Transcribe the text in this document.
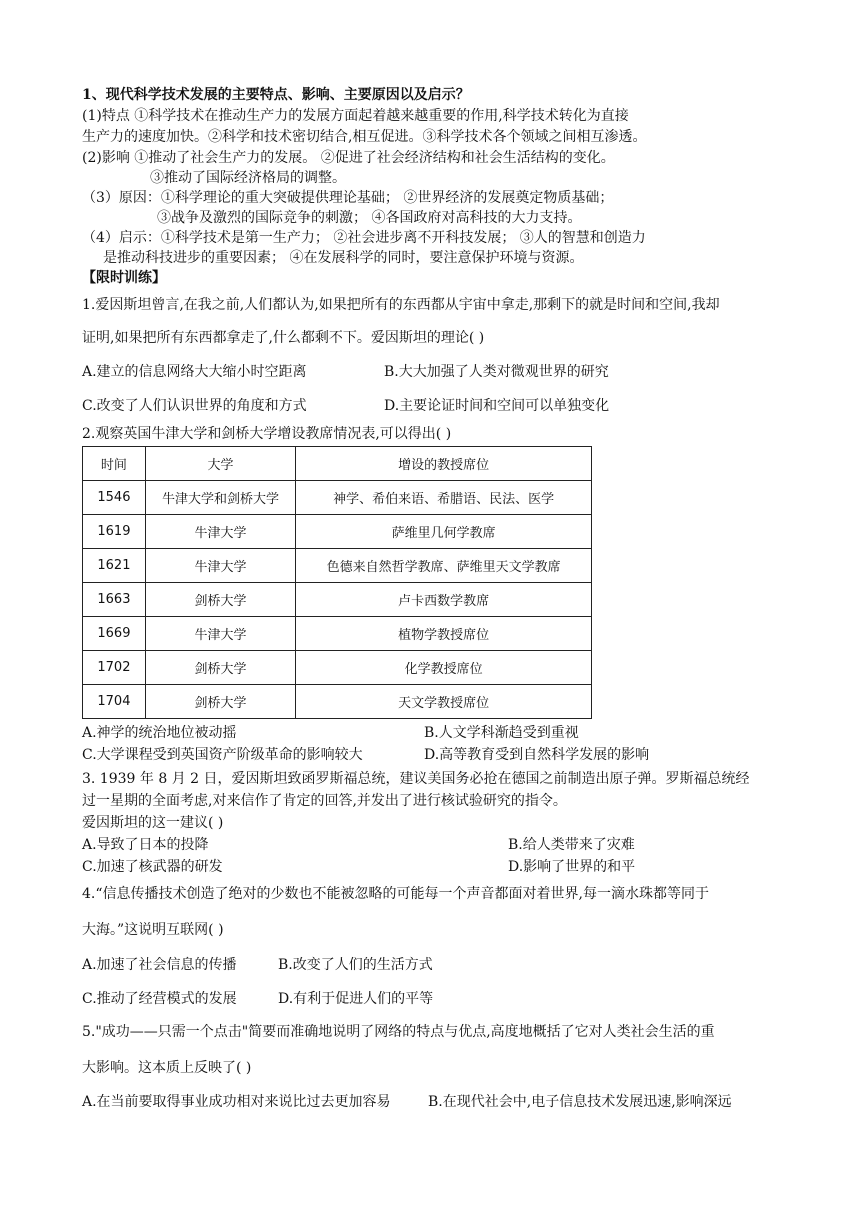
1、现代科学技术发展的主要特点、影响、主要原因以及启示？
(1)特点 ①科学技术在推动生产力的发展方面起着越来越重要的作用,科学技术转化为直接
生产力的速度加快。②科学和技术密切结合,相互促进。③科学技术各个领域之间相互渗透。
(2)影响 ①推动了社会生产力的发展。 ②促进了社会经济结构和社会生活结构的变化。
③推动了国际经济格局的调整。
（3）原因：①科学理论的重大突破提供理论基础； ②世界经济的发展奠定物质基础；
③战争及激烈的国际竞争的刺激； ④各国政府对高科技的大力支持。
（4）启示：①科学技术是第一生产力； ②社会进步离不开科技发展； ③人的智慧和创造力
是推动科技进步的重要因素； ④在发展科学的同时，要注意保护环境与资源。
【限时训练】
1.爱因斯坦曾言,在我之前,人们都认为,如果把所有的东西都从宇宙中拿走,那剩下的就是时间和空间,我却
证明,如果把所有东西都拿走了,什么都剩不下。爱因斯坦的理论( )
A.建立的信息网络大大缩小时空距离	B.大大加强了人类对微观世界的研究
C.改变了人们认识世界的角度和方式	D.主要论证时间和空间可以单独变化
2.观察英国牛津大学和剑桥大学增设教席情况表,可以得出( )
时间	大学	增设的教授席位
1546	牛津大学和剑桥大学	神学、希伯来语、希腊语、民法、医学
1619	牛津大学	萨维里几何学教席
1621	牛津大学	色德来自然哲学教席、萨维里天文学教席
1663	剑桥大学	卢卡西数学教席
1669	牛津大学	植物学教授席位
1702	剑桥大学	化学教授席位
1704	剑桥大学	天文学教授席位
A.神学的统治地位被动摇	B.人文学科渐趋受到重视
C.大学课程受到英国资产阶级革命的影响较大	D.高等教育受到自然科学发展的影响
3. 1939 年 8 月 2 日，爱因斯坦致函罗斯福总统，建议美国务必抢在德国之前制造出原子弹。罗斯福总统经
过一星期的全面考虑,对来信作了肯定的回答,并发出了进行核试验研究的指令。
爱因斯坦的这一建议( )
A.导致了日本的投降	B.给人类带来了灾难
C.加速了核武器的研发	D.影响了世界的和平
4.“信息传播技术创造了绝对的少数也不能被忽略的可能每一个声音都面对着世界,每一滴水珠都等同于
大海。”这说明互联网( )
A.加速了社会信息的传播	B.改变了人们的生活方式
C.推动了经营模式的发展	D.有利于促进人们的平等
5."成功——只需一个点击"简要而准确地说明了网络的特点与优点,高度地概括了它对人类社会生活的重
大影响。这本质上反映了( )
A.在当前要取得事业成功相对来说比过去更加容易	B.在现代社会中,电子信息技术发展迅速,影响深远
